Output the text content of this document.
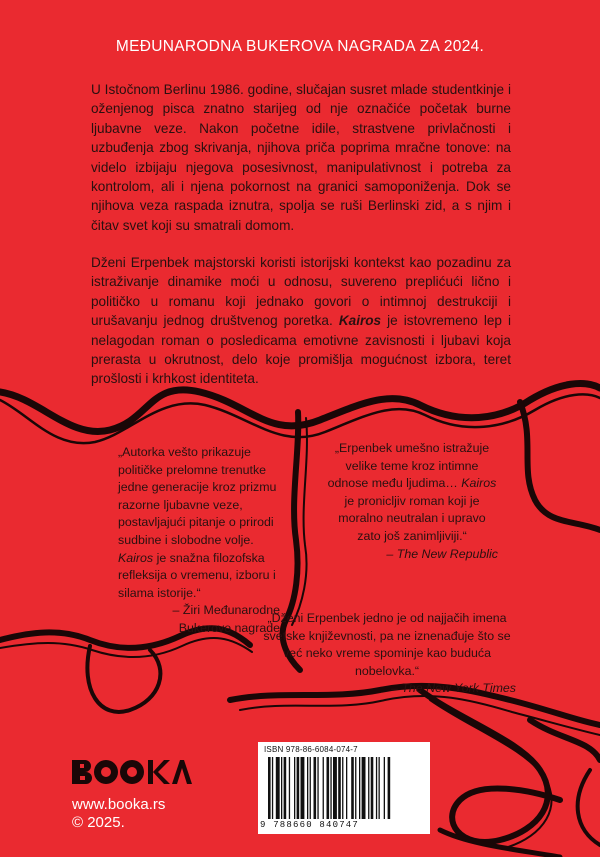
MEĐUNARODNA BUKEROVA NAGRADA ZA 2024.

U Istočnom Berlinu 1986. godine, slučajan susret mlade studentkinje i oženjenog pisca znatno starijeg od nje označiće početak burne ljubavne veze. Nakon početne idile, strastvene privlačnosti i uzbuđenja zbog skrivanja, njihova priča poprima mračne tonove: na videlo izbijaju njegova posesivnost, manipulativnost i potreba za kontrolom, ali i njena pokornost na granici samoponiženja. Dok se njihova veza raspada iznutra, spolja se ruši Berlinski zid, a s njim i čitav svet koji su smatrali domom.

Dženi Erpenbek majstorski koristi istorijski kontekst kao pozadinu za istraživanje dinamike moći u odnosu, suvereno preplićući lično i političko u romanu koji jednako govori o intimnoj destrukciji i urušavanju jednog društvenog poretka. Kairos je istovremeno lep i nelagodan roman o posledicama emotivne zavisnosti i ljubavi koja prerasta u okrutnost, delo koje promišlja mogućnost izbora, teret prošlosti i krhkost identiteta.

„Autorka vešto prikazuje političke prelomne trenutke jedne generacije kroz prizmu razorne ljubavne veze, postavljajući pitanje o prirodi sudbine i slobodne volje. Kairos je snažna filozofska refleksija o vremenu, izboru i silama istorije.“
– Žiri Međunarodne Bukerove nagrade

„Erpenbek umešno istražuje velike teme kroz intimne odnose među ljudima… Kairos je pronicljiv roman koji je moralno neutralan i upravo zato još zanimljiviji.“
– The New Republic

„Dženi Erpenbek jedno je od najjačih imena svetske književnosti, pa ne iznenađuje što se već neko vreme spominje kao buduća nobelovka.“
– The New York Times

ISBN 978-86-6084-074-7
9 788660 840747

www.booka.rs

© 2025.
